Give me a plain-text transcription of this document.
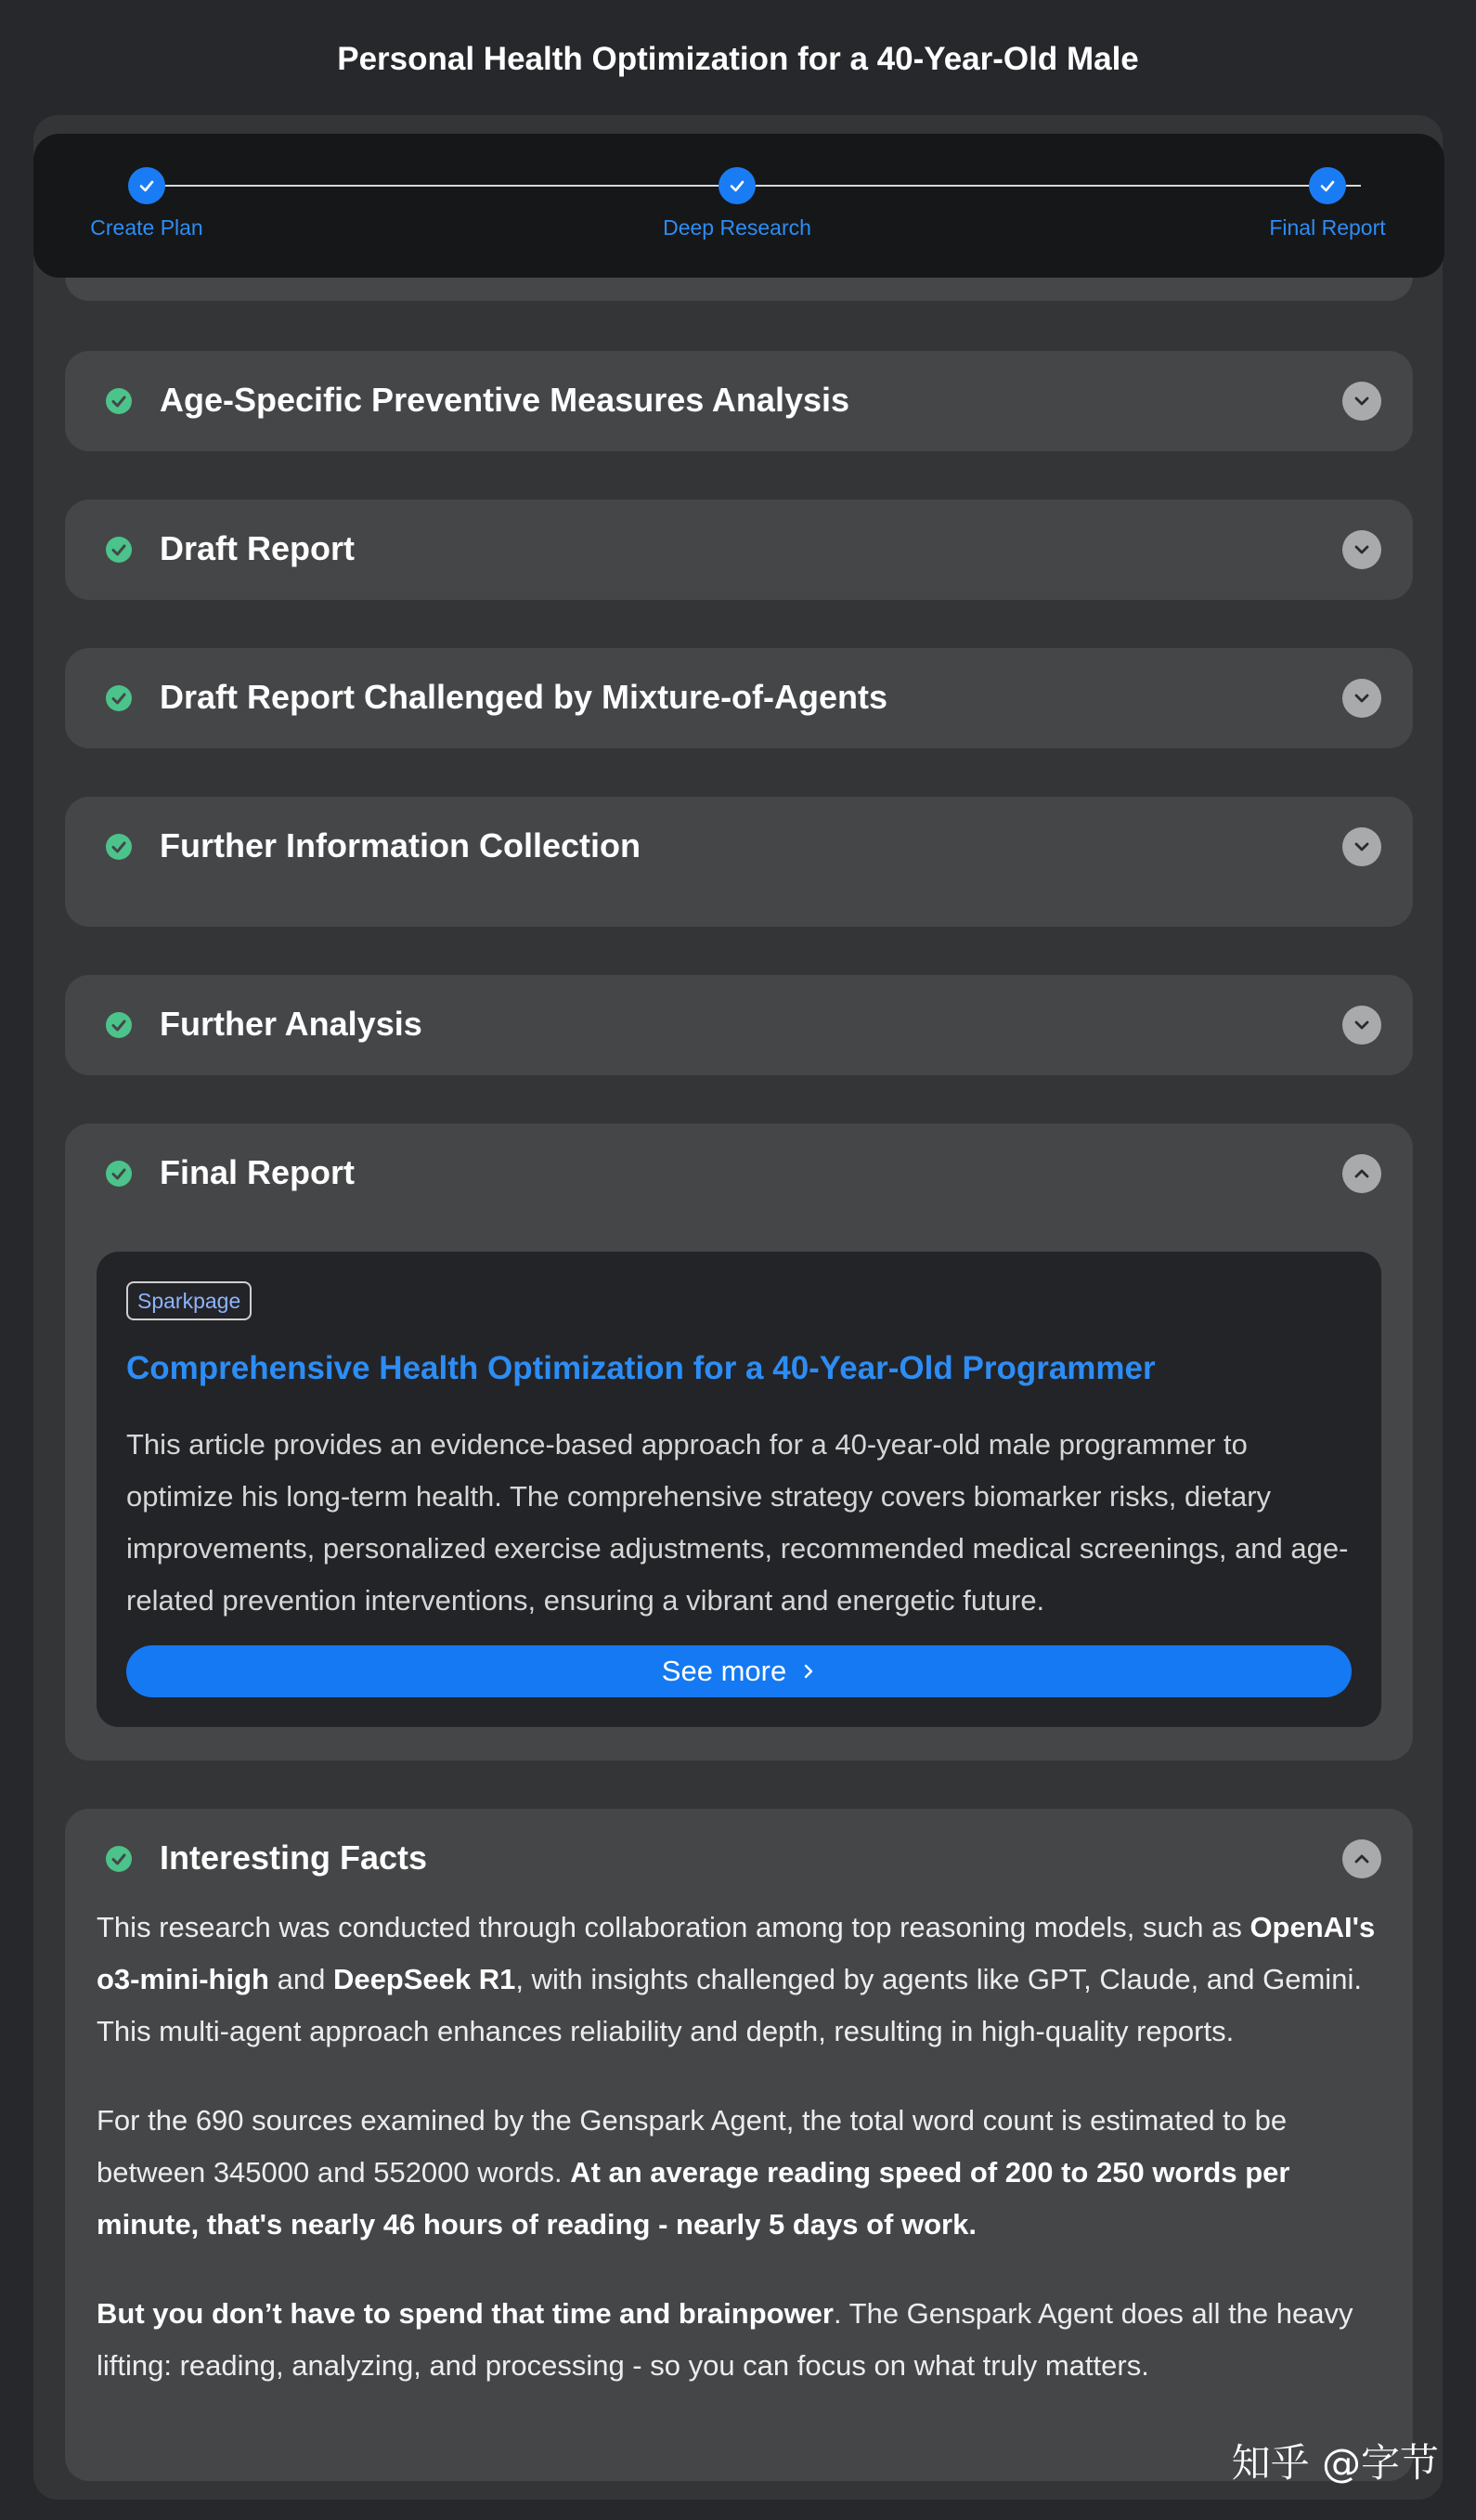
Personal Health Optimization for a 40-Year-Old Male
Create Plan	Deep Research	Final Report
Age-Specific Preventive Measures Analysis
Draft Report
Draft Report Challenged by Mixture-of-Agents
Further Information Collection
Further Analysis
Final Report
Sparkpage
Comprehensive Health Optimization for a 40-Year-Old Programmer
This article provides an evidence-based approach for a 40-year-old male programmer to optimize his long-term health. The comprehensive strategy covers biomarker risks, dietary improvements, personalized exercise adjustments, recommended medical screenings, and age-related prevention interventions, ensuring a vibrant and energetic future.
See more
Interesting Facts

This research was conducted through collaboration among top reasoning models, such as OpenAI's o3-mini-high and DeepSeek R1, with insights challenged by agents like GPT, Claude, and Gemini. This multi-agent approach enhances reliability and depth, resulting in high-quality reports.

For the 690 sources examined by the Genspark Agent, the total word count is estimated to be between 345000 and 552000 words. At an average reading speed of 200 to 250 words per minute, that's nearly 46 hours of reading - nearly 5 days of work.

But you don’t have to spend that time and brainpower. The Genspark Agent does all the heavy lifting: reading, analyzing, and processing - so you can focus on what truly matters.

知乎 @字节
